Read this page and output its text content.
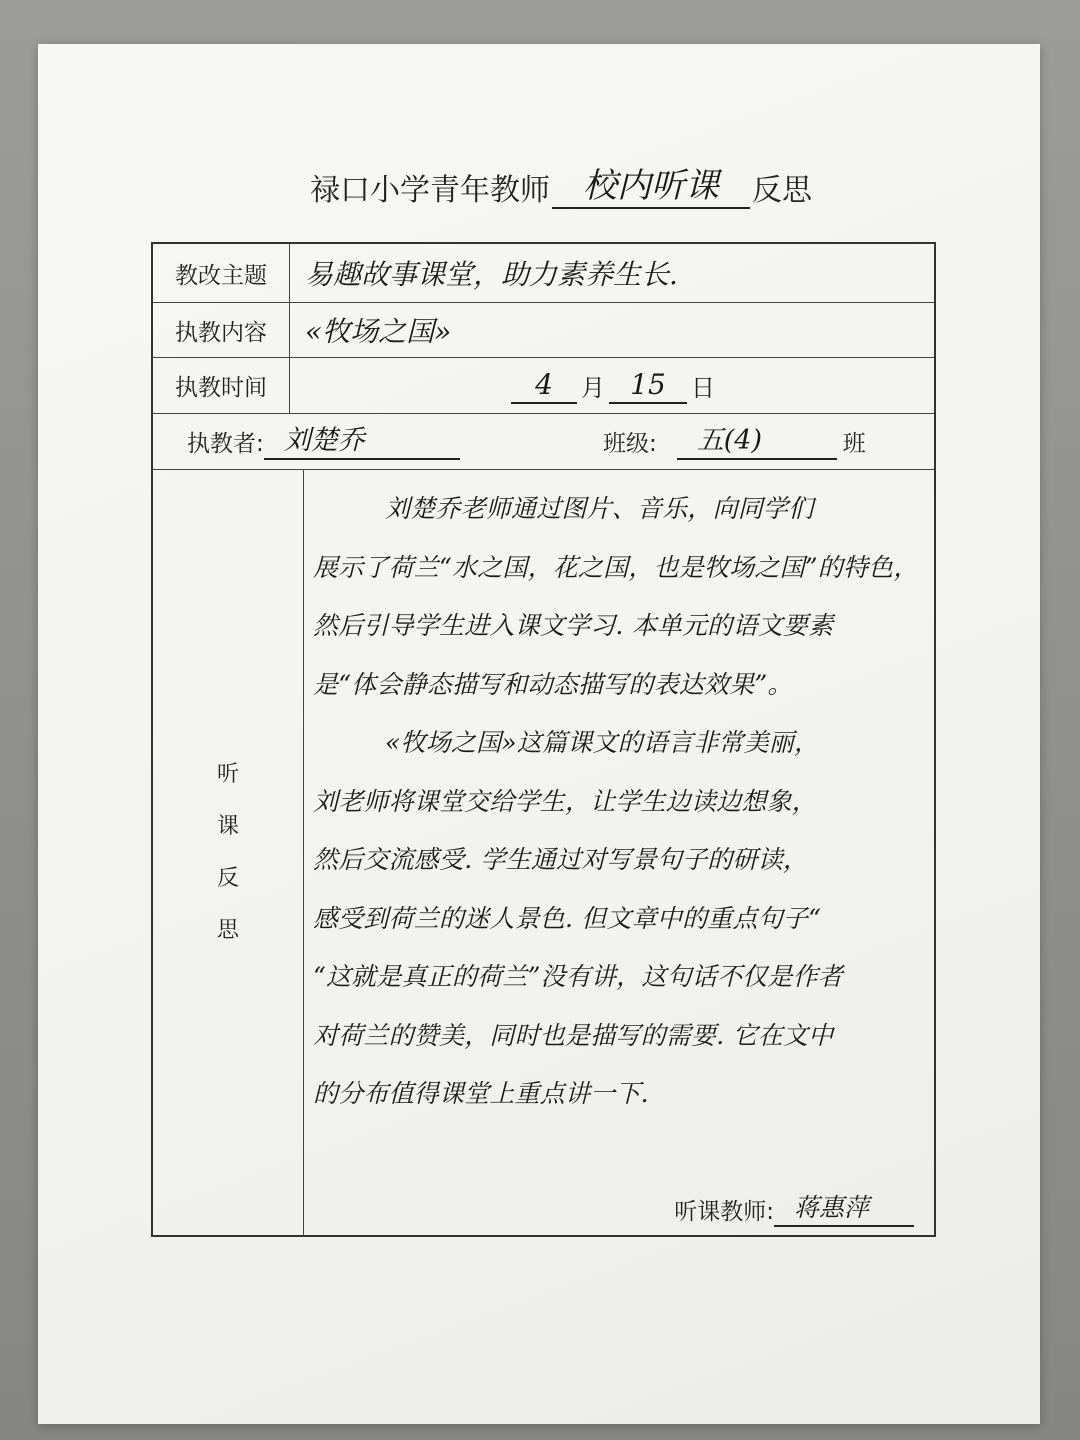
禄口小学青年教师 校内听课	反思
教改主题	易趣故事课堂，助力素养生长.
执教内容	«牧场之国»
执教时间	4	月 15	日
执教者: 刘楚乔	班级:	五(4)	班
听
课
反
思
刘楚乔老师通过图片、音乐，向同学们
展示了荷兰“水之国，花之国，也是牧场之国”的特色，
然后引导学生进入课文学习. 本单元的语文要素
是“体会静态描写和动态描写的表达效果”。
«牧场之国»这篇课文的语言非常美丽，
刘老师将课堂交给学生，让学生边读边想象，
然后交流感受. 学生通过对写景句子的研读，
感受到荷兰的迷人景色. 但文章中的重点句子“
“这就是真正的荷兰”没有讲，这句话不仅是作者
对荷兰的赞美，同时也是描写的需要. 它在文中
的分布值得课堂上重点讲一下.
听课教师: 蒋惠萍
